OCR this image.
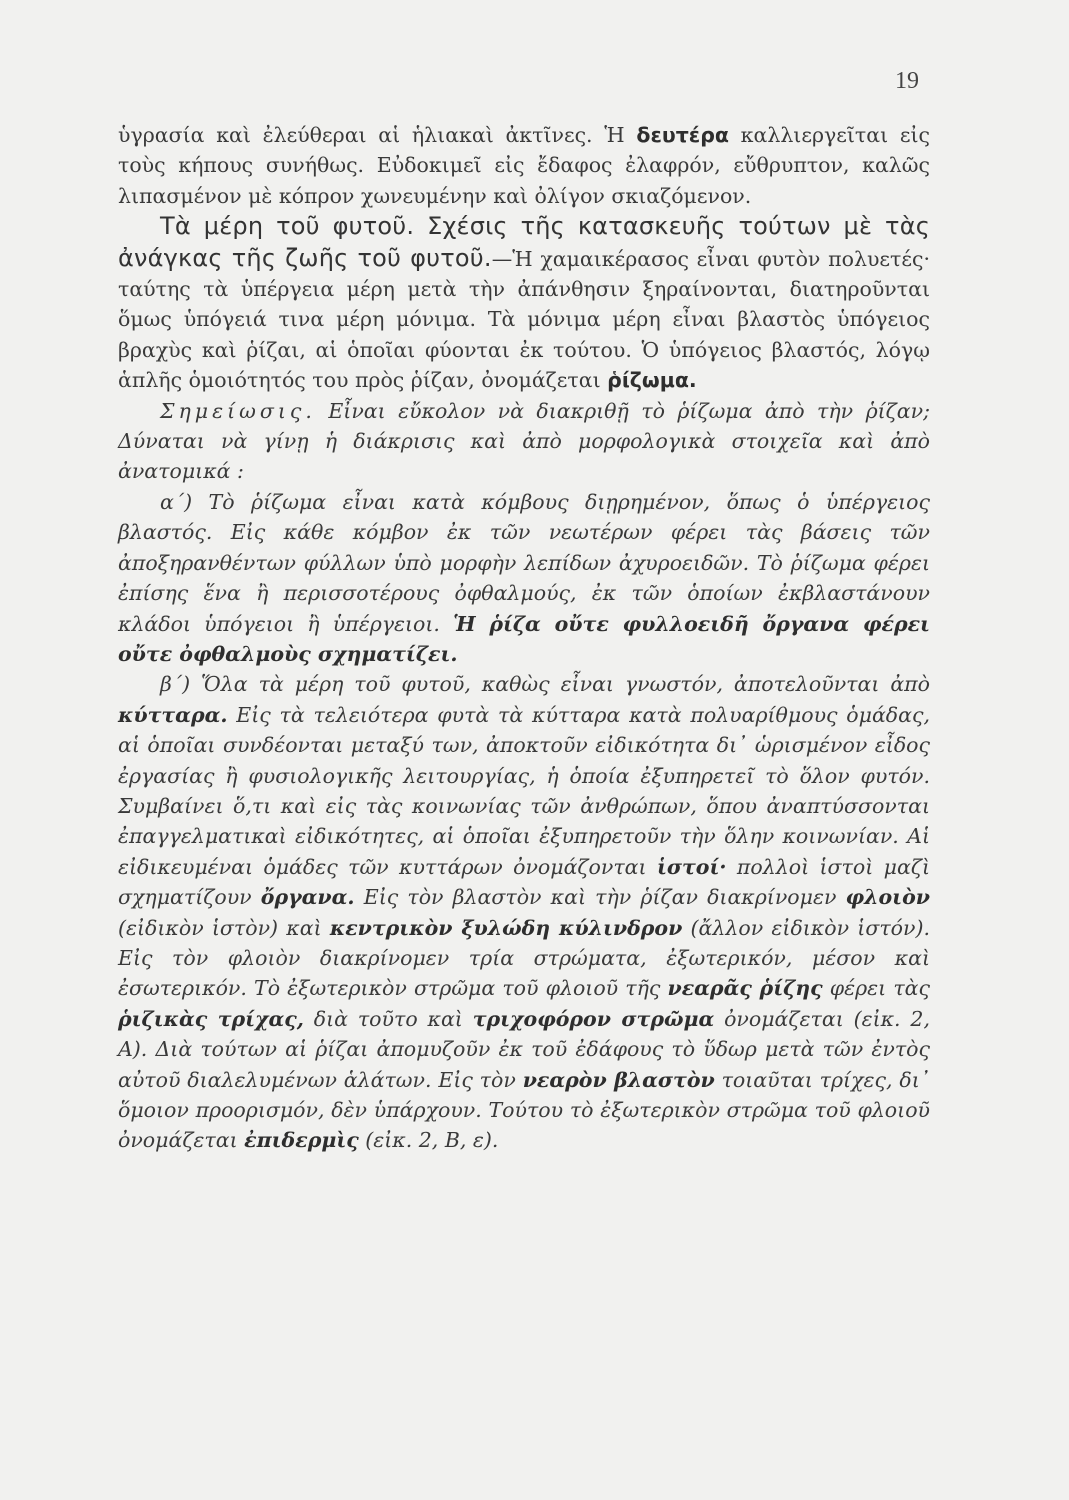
19

ὑγρασία καὶ ἐλεύθεραι αἱ ἡλιακαὶ ἀκτῖνες. Ἡ δευτέρα καλλιεργεῖται εἰς τοὺς κήπους συνήθως. Εὐδοκιμεῖ εἰς ἔδαφος ἐλαφρόν, εὔθρυπτον, καλῶς λιπασμένον μὲ κόπρον χωνευμένην καὶ ὀλίγον σκιαζόμενον.

Τὰ μέρη τοῦ φυτοῦ. Σχέσις τῆς κατασκευῆς τούτων μὲ τὰς ἀνάγκας τῆς ζωῆς τοῦ φυτοῦ.—Ἡ χαμαικέρασος εἶναι φυτὸν πολυετές· ταύτης τὰ ὑπέργεια μέρη μετὰ τὴν ἀπάνθησιν ξηραίνονται, διατηροῦνται ὅμως ὑπόγειά τινα μέρη μόνιμα. Τὰ μόνιμα μέρη εἶναι βλαστὸς ὑπόγειος βραχὺς καὶ ῥίζαι, αἱ ὁποῖαι φύονται ἐκ τούτου. Ὁ ὑπόγειος βλαστός, λόγῳ ἁπλῆς ὁμοιότητός του πρὸς ῥίζαν, ὀνομάζεται ῥίζωμα.

Σημείωσις. Εἶναι εὔκολον νὰ διακριθῇ τὸ ῥίζωμα ἀπὸ τὴν ῥίζαν; Δύναται νὰ γίνῃ ἡ διάκρισις καὶ ἀπὸ μορφολογικὰ στοιχεῖα καὶ ἀπὸ ἀνατομικά :

α΄) Τὸ ῥίζωμα εἶναι κατὰ κόμβους διῃρημένον, ὅπως ὁ ὑπέργειος βλαστός. Εἰς κάθε κόμβον ἐκ τῶν νεωτέρων φέρει τὰς βάσεις τῶν ἀποξηρανθέντων φύλλων ὑπὸ μορφὴν λεπίδων ἀχυροειδῶν. Τὸ ῥίζωμα φέρει ἐπίσης ἕνα ἢ περισσοτέρους ὀφθαλμούς, ἐκ τῶν ὁποίων ἐκβλαστάνουν κλάδοι ὑπόγειοι ἢ ὑπέργειοι. Ἡ ῥίζα οὔτε φυλλοειδῆ ὄργανα φέρει οὔτε ὀφθαλμοὺς σχηματίζει.

β΄) Ὅλα τὰ μέρη τοῦ φυτοῦ, καθὼς εἶναι γνωστόν, ἀποτελοῦνται ἀπὸ κύτταρα. Εἰς τὰ τελειότερα φυτὰ τὰ κύτταρα κατὰ πολυαρίθμους ὁμάδας, αἱ ὁποῖαι συνδέονται μεταξύ των, ἀποκτοῦν εἰδικότητα δι᾽ ὡρισμένον εἶδος ἐργασίας ἢ φυσιολογικῆς λειτουργίας, ἡ ὁποία ἐξυπηρετεῖ τὸ ὅλον φυτόν. Συμβαίνει ὅ,τι καὶ εἰς τὰς κοινωνίας τῶν ἀνθρώπων, ὅπου ἀναπτύσσονται ἐπαγγελματικαὶ εἰδικότητες, αἱ ὁποῖαι ἐξυπηρετοῦν τὴν ὅλην κοινωνίαν. Αἱ εἰδικευμέναι ὁμάδες τῶν κυττάρων ὀνομάζονται ἱστοί· πολλοὶ ἱστοὶ μαζὶ σχηματίζουν ὄργανα. Εἰς τὸν βλαστὸν καὶ τὴν ῥίζαν διακρίνομεν φλοιὸν (εἰδικὸν ἱστὸν) καὶ κεντρικὸν ξυλώδη κύλινδρον (ἄλλον εἰδικὸν ἱστόν). Εἰς τὸν φλοιὸν διακρίνομεν τρία στρώματα, ἐξωτερικόν, μέσον καὶ ἐσωτερικόν. Τὸ ἐξωτερικὸν στρῶμα τοῦ φλοιοῦ τῆς νεαρᾶς ῥίζης φέρει τὰς ῥιζικὰς τρίχας, διὰ τοῦτο καὶ τριχοφόρον στρῶμα ὀνομάζεται (εἰκ. 2, Α). Διὰ τούτων αἱ ῥίζαι ἀπομυζοῦν ἐκ τοῦ ἐδάφους τὸ ὕδωρ μετὰ τῶν ἐντὸς αὐτοῦ διαλελυμένων ἁλάτων. Εἰς τὸν νεαρὸν βλαστὸν τοιαῦται τρίχες, δι᾽ ὅμοιον προορισμόν, δὲν ὑπάρχουν. Τούτου τὸ ἐξωτερικὸν στρῶμα τοῦ φλοιοῦ ὀνομάζεται ἐπιδερμὶς (εἰκ. 2, Β, ε).
